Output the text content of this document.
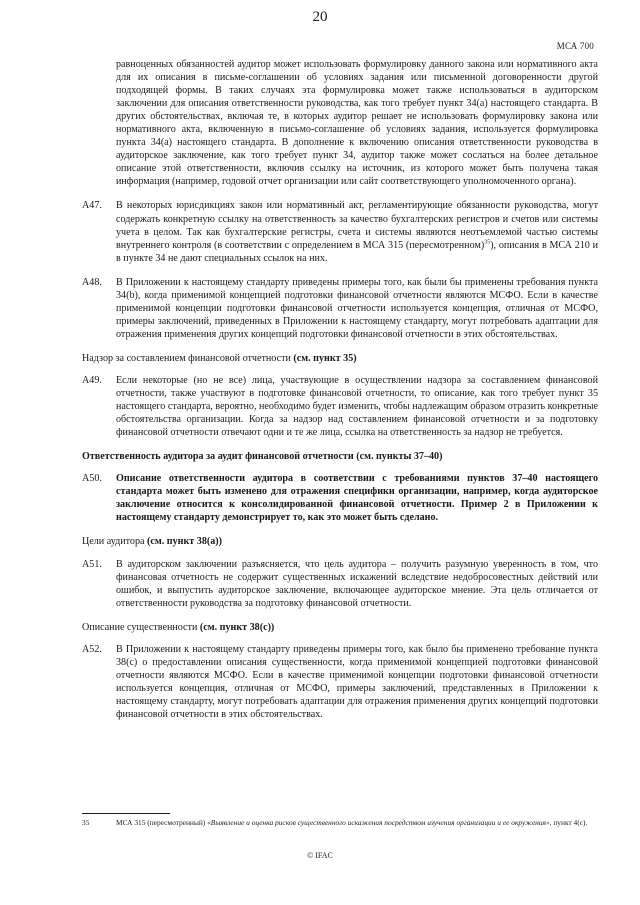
20
МСА 700

равноценных обязанностей аудитор может использовать формулировку данного закона или нормативного акта для их описания в письме-соглашении об условиях задания или письменной договоренности другой подходящей формы. В таких случаях эта формулировка может также использоваться в аудиторском заключении для описания ответственности руководства, как того требует пункт 34(a) настоящего стандарта. В других обстоятельствах, включая те, в которых аудитор решает не использовать формулировку закона или нормативного акта, включенную в письмо-соглашение об условиях задания, используется формулировка пункта 34(a) настоящего стандарта. В дополнение к включению описания ответственности руководства в аудиторское заключение, как того требует пункт 34, аудитор также может сослаться на более детальное описание этой ответственности, включив ссылку на источник, из которого может быть получена такая информация (например, годовой отчет организации или сайт соответствующего уполномоченного органа).

A47.	В некоторых юрисдикциях закон или нормативный акт, регламентирующие обязанности руководства, могут содержать конкретную ссылку на ответственность за качество бухгалтерских регистров и счетов или системы учета в целом. Так как бухгалтерские регистры, счета и системы являются неотъемлемой частью системы внутреннего контроля (в соответствии с определением в МСА 315 (пересмотренном)$^{35}$), описания в МСА 210 и в пункте 34 не дают специальных ссылок на них.
A48.	В Приложении к настоящему стандарту приведены примеры того, как были бы применены требования пункта 34(b), когда применимой концепцией подготовки финансовой отчетности являются МСФО. Если в качестве применимой концепции подготовки финансовой отчетности используется концепция, отличная от МСФО, примеры заключений, приведенных в Приложении к настоящему стандарту, могут потребовать адаптации для отражения применения других концепций подготовки финансовой отчетности в этих обстоятельствах.
Надзор за составлением финансовой отчетности (см. пункт 35)
A49.	Если некоторые (но не все) лица, участвующие в осуществлении надзора за составлением финансовой отчетности, также участвуют в подготовке финансовой отчетности, то описание, как того требует пункт 35 настоящего стандарта, вероятно, необходимо будет изменить, чтобы надлежащим образом отразить конкретные обстоятельства организации. Когда за надзор над составлением финансовой отчетности и за подготовку финансовой отчетности отвечают одни и те же лица, ссылка на ответственность за надзор не требуется.
Ответственность аудитора за аудит финансовой отчетности (см. пункты 37–40)
A50.	Описание ответственности аудитора в соответствии с требованиями пунктов 37–40 настоящего стандарта может быть изменено для отражения специфики организации, например, когда аудиторское заключение относится к консолидированной финансовой отчетности. Пример 2 в Приложении к настоящему стандарту демонстрирует то, как это может быть сделано.
Цели аудитора (см. пункт 38(a))
A51.	В аудиторском заключении разъясняется, что цель аудитора – получить разумную уверенность в том, что финансовая отчетность не содержит существенных искажений вследствие недобросовестных действий или ошибок, и выпустить аудиторское заключение, включающее аудиторское мнение. Эта цель отличается от ответственности руководства за подготовку финансовой отчетности.
Описание существенности (см. пункт 38(c))
A52.	В Приложении к настоящему стандарту приведены примеры того, как было бы применено требование пункта 38(c) о предоставлении описания существенности, когда применимой концепцией подготовки финансовой отчетности являются МСФО. Если в качестве применимой концепции подготовки финансовой отчетности используется концепция, отличная от МСФО, примеры заключений, представленных в Приложении к настоящему стандарту, могут потребовать адаптации для отражения применения других концепций подготовки финансовой отчетности в этих обстоятельствах.
35	МСА 315 (пересмотренный) «Выявление и оценка рисков существенного искажения посредством изучения организации и ее окружения», пункт 4(c).
© IFAC
